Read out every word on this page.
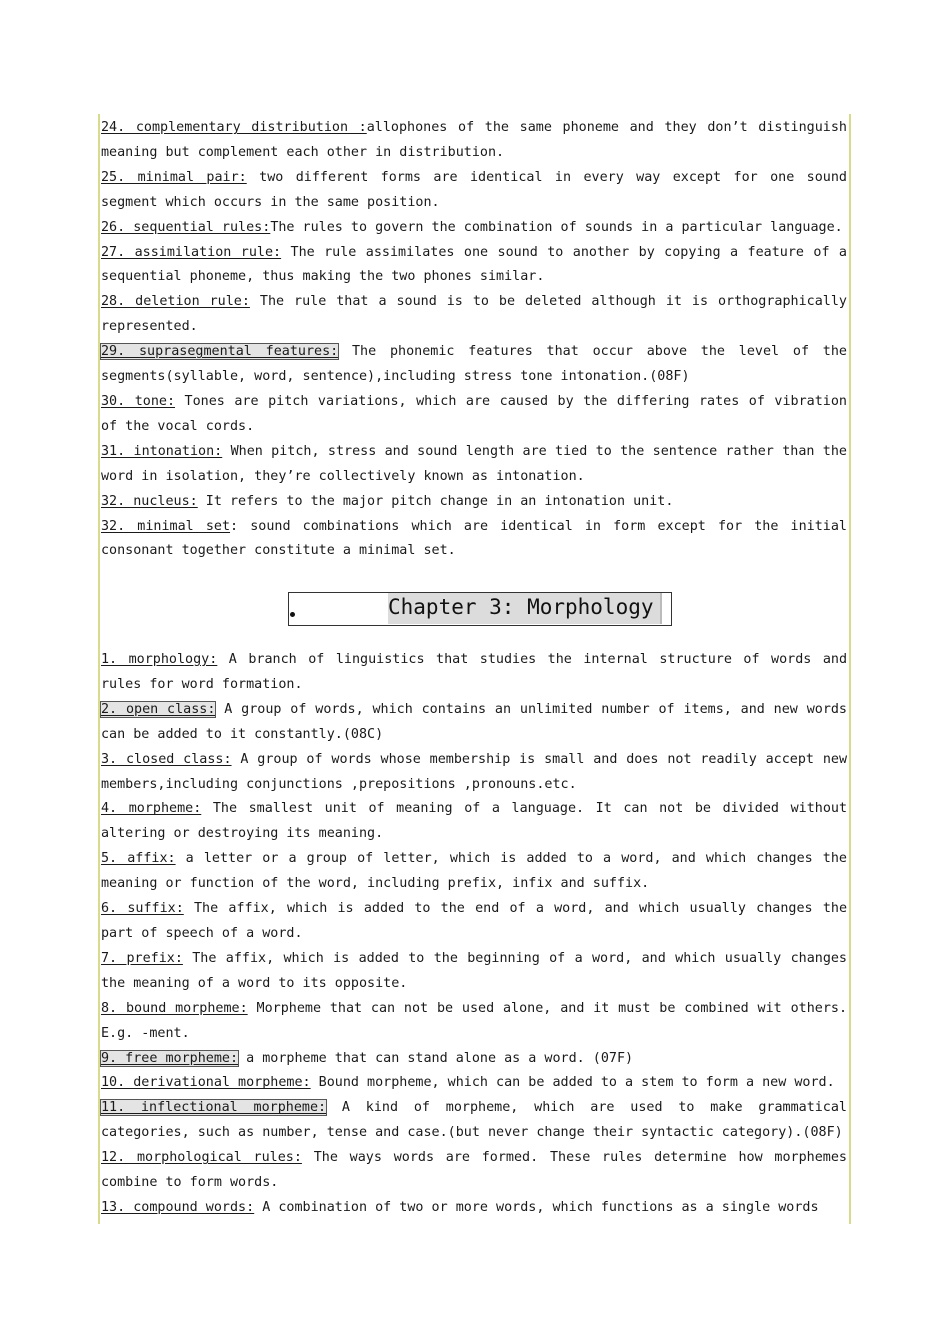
24. complementary distribution :allophones of the same phoneme and they don’t distinguish meaning but complement each other in distribution.

25. minimal pair: two different forms are identical in every way except for one sound segment which occurs in the same position.

26. sequential rules:The rules to govern the combination of sounds in a particular language.

27. assimilation rule: The rule assimilates one sound to another by copying a feature of a sequential phoneme, thus making the two phones similar.

28. deletion rule: The rule that a sound is to be deleted although it is orthographically represented.

29. suprasegmental features: The phonemic features that occur above the level of the segments(syllable, word, sentence),including stress tone intonation.(08F)

30. tone: Tones are pitch variations, which are caused by the differing rates of vibration of the vocal cords.

31. intonation: When pitch, stress and sound length are tied to the sentence rather than the word in isolation, they’re collectively known as intonation.

32. nucleus: It refers to the major pitch change in an intonation unit.

32. minimal set: sound combinations which are identical in form except for the initial consonant together constitute a minimal set.

Chapter 3: Morphology

1. morphology: A branch of linguistics that studies the internal structure of words and rules for word formation.

2. open class: A group of words, which contains an unlimited number of items, and new words can be added to it constantly.(08C)

3. closed class: A group of words whose membership is small and does not readily accept new members,including conjunctions ,prepositions ,pronouns.etc.

4. morpheme: The smallest unit of meaning of a language. It can not be divided without altering or destroying its meaning.

5. affix: a letter or a group of letter, which is added to a word, and which changes the meaning or function of the word, including prefix, infix and suffix.

6. suffix: The affix, which is added to the end of a word, and which usually changes the part of speech of a word.

7. prefix: The affix, which is added to the beginning of a word, and which usually changes the meaning of a word to its opposite.

8. bound morpheme: Morpheme that can not be used alone, and it must be combined wit others. E.g. -ment.

9. free morpheme: a morpheme that can stand alone as a word. (07F)

10. derivational morpheme: Bound morpheme, which can be added to a stem to form a new word.

11. inflectional morpheme: A kind of morpheme, which are used to make grammatical categories, such as number, tense and case.(but never change their syntactic category).(08F)

12. morphological rules: The ways words are formed. These rules determine how morphemes combine to form words.

13. compound words: A combination of two or more words, which functions as a single words
